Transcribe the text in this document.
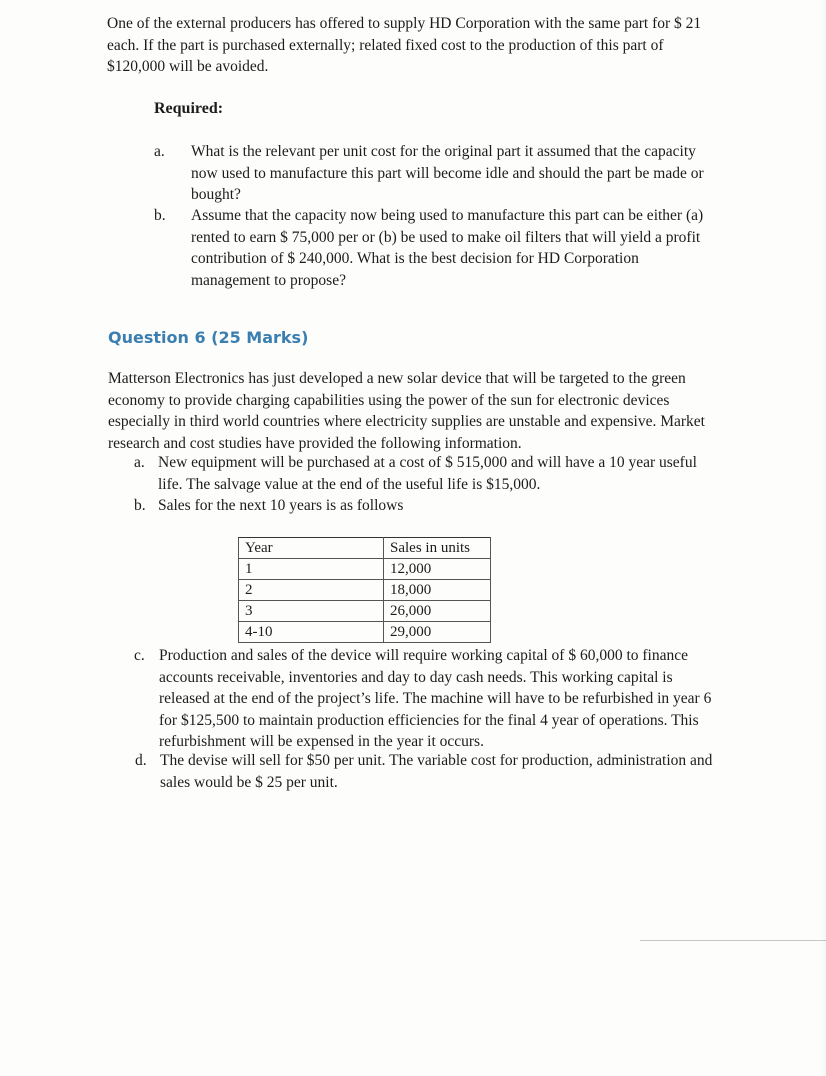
One of the external producers has offered to supply HD Corporation with the same part for $ 21
each. If the part is purchased externally; related fixed cost to the production of this part of
$120,000 will be avoided.

Required:
a. What is the relevant per unit cost for the original part it assumed that the capacity
now used to manufacture this part will become idle and should the part be made or
bought?
b. Assume that the capacity now being used to manufacture this part can be either (a)
rented to earn $ 75,000 per or (b) be used to make oil filters that will yield a profit
contribution of $ 240,000. What is the best decision for HD Corporation
management to propose?
Question 6 (25 Marks)

Matterson Electronics has just developed a new solar device that will be targeted to the green
economy to provide charging capabilities using the power of the sun for electronic devices
especially in third world countries where electricity supplies are unstable and expensive. Market
research and cost studies have provided the following information.

a. New equipment will be purchased at a cost of $ 515,000 and will have a 10 year useful
life. The salvage value at the end of the useful life is $15,000.
b. Sales for the next 10 years is as follows
Year	Sales in units
1	12,000
2	18,000
3	26,000
4-10	29,000
c. Production and sales of the device will require working capital of $ 60,000 to finance
accounts receivable, inventories and day to day cash needs. This working capital is
released at the end of the project’s life. The machine will have to be refurbished in year 6
for $125,500 to maintain production efficiencies for the final 4 year of operations. This
refurbishment will be expensed in the year it occurs.
d. The devise will sell for $50 per unit. The variable cost for production, administration and
sales would be $ 25 per unit.
